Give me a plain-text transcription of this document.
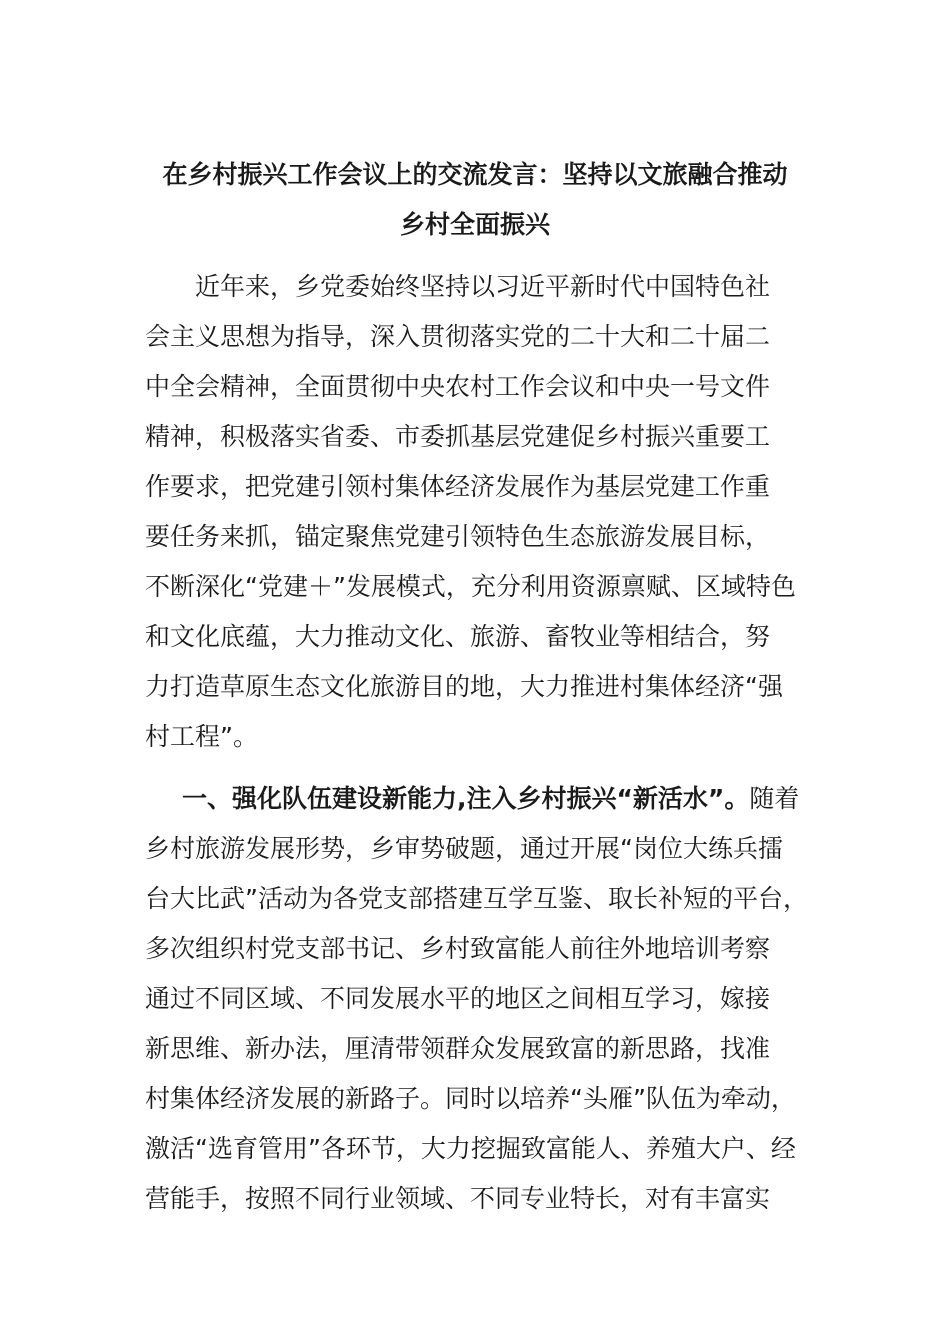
在乡村振兴工作会议上的交流发言：坚持以文旅融合推动
乡村全面振兴
近年来，乡党委始终坚持以习近平新时代中国特色社
会主义思想为指导，深入贯彻落实党的二十大和二十届二
中全会精神，全面贯彻中央农村工作会议和中央一号文件
精神，积极落实省委、市委抓基层党建促乡村振兴重要工
作要求，把党建引领村集体经济发展作为基层党建工作重
要任务来抓，锚定聚焦党建引领特色生态旅游发展目标，
不断深化“党建＋”发展模式，充分利用资源禀赋、区域特色
和文化底蕴，大力推动文化、旅游、畜牧业等相结合，努
力打造草原生态文化旅游目的地，大力推进村集体经济“强
村工程”。
一、强化队伍建设新能力,注入乡村振兴“新活水”。随着
乡村旅游发展形势，乡审势破题，通过开展“岗位大练兵擂
台大比武”活动为各党支部搭建互学互鉴、取长补短的平台，
多次组织村党支部书记、乡村致富能人前往外地培训考察
通过不同区域、不同发展水平的地区之间相互学习，嫁接
新思维、新办法，厘清带领群众发展致富的新思路，找准
村集体经济发展的新路子。同时以培养“头雁”队伍为牵动，
激活“选育管用”各环节，大力挖掘致富能人、养殖大户、经
营能手，按照不同行业领域、不同专业特长，对有丰富实
